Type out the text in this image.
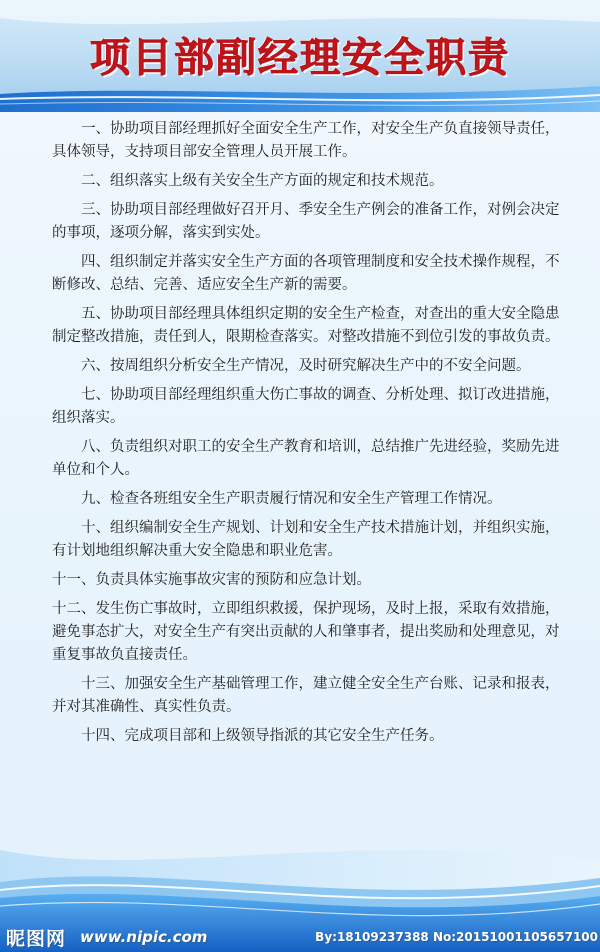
项目部副经理安全职责

一、协助项目部经理抓好全面安全生产工作，对安全生产负直接领导责任，具体领导，支持项目部安全管理人员开展工作。

二、组织落实上级有关安全生产方面的规定和技术规范。

三、协助项目部经理做好召开月、季安全生产例会的准备工作，对例会决定的事项，逐项分解，落实到实处。

四、组织制定并落实安全生产方面的各项管理制度和安全技术操作规程，不断修改、总结、完善、适应安全生产新的需要。

五、协助项目部经理具体组织定期的安全生产检查，对查出的重大安全隐患制定整改措施，责任到人，限期检查落实。对整改措施不到位引发的事故负责。

六、按周组织分析安全生产情况，及时研究解决生产中的不安全问题。

七、协助项目部经理组织重大伤亡事故的调查、分析处理、拟订改进措施，组织落实。

八、负责组织对职工的安全生产教育和培训，总结推广先进经验，奖励先进单位和个人。

九、检查各班组安全生产职责履行情况和安全生产管理工作情况。

十、组织编制安全生产规划、计划和安全生产技术措施计划，并组织实施，有计划地组织解决重大安全隐患和职业危害。

十一、负责具体实施事故灾害的预防和应急计划。

十二、发生伤亡事故时，立即组织救援，保护现场，及时上报，采取有效措施，避免事态扩大，对安全生产有突出贡献的人和肇事者，提出奖励和处理意见，对重复事故负直接责任。

十三、加强安全生产基础管理工作，建立健全安全生产台账、记录和报表，并对其准确性、真实性负责。

十四、完成项目部和上级领导指派的其它安全生产任务。

昵图网 www.nipic.com	By:18109237388 No:20151001105657100
